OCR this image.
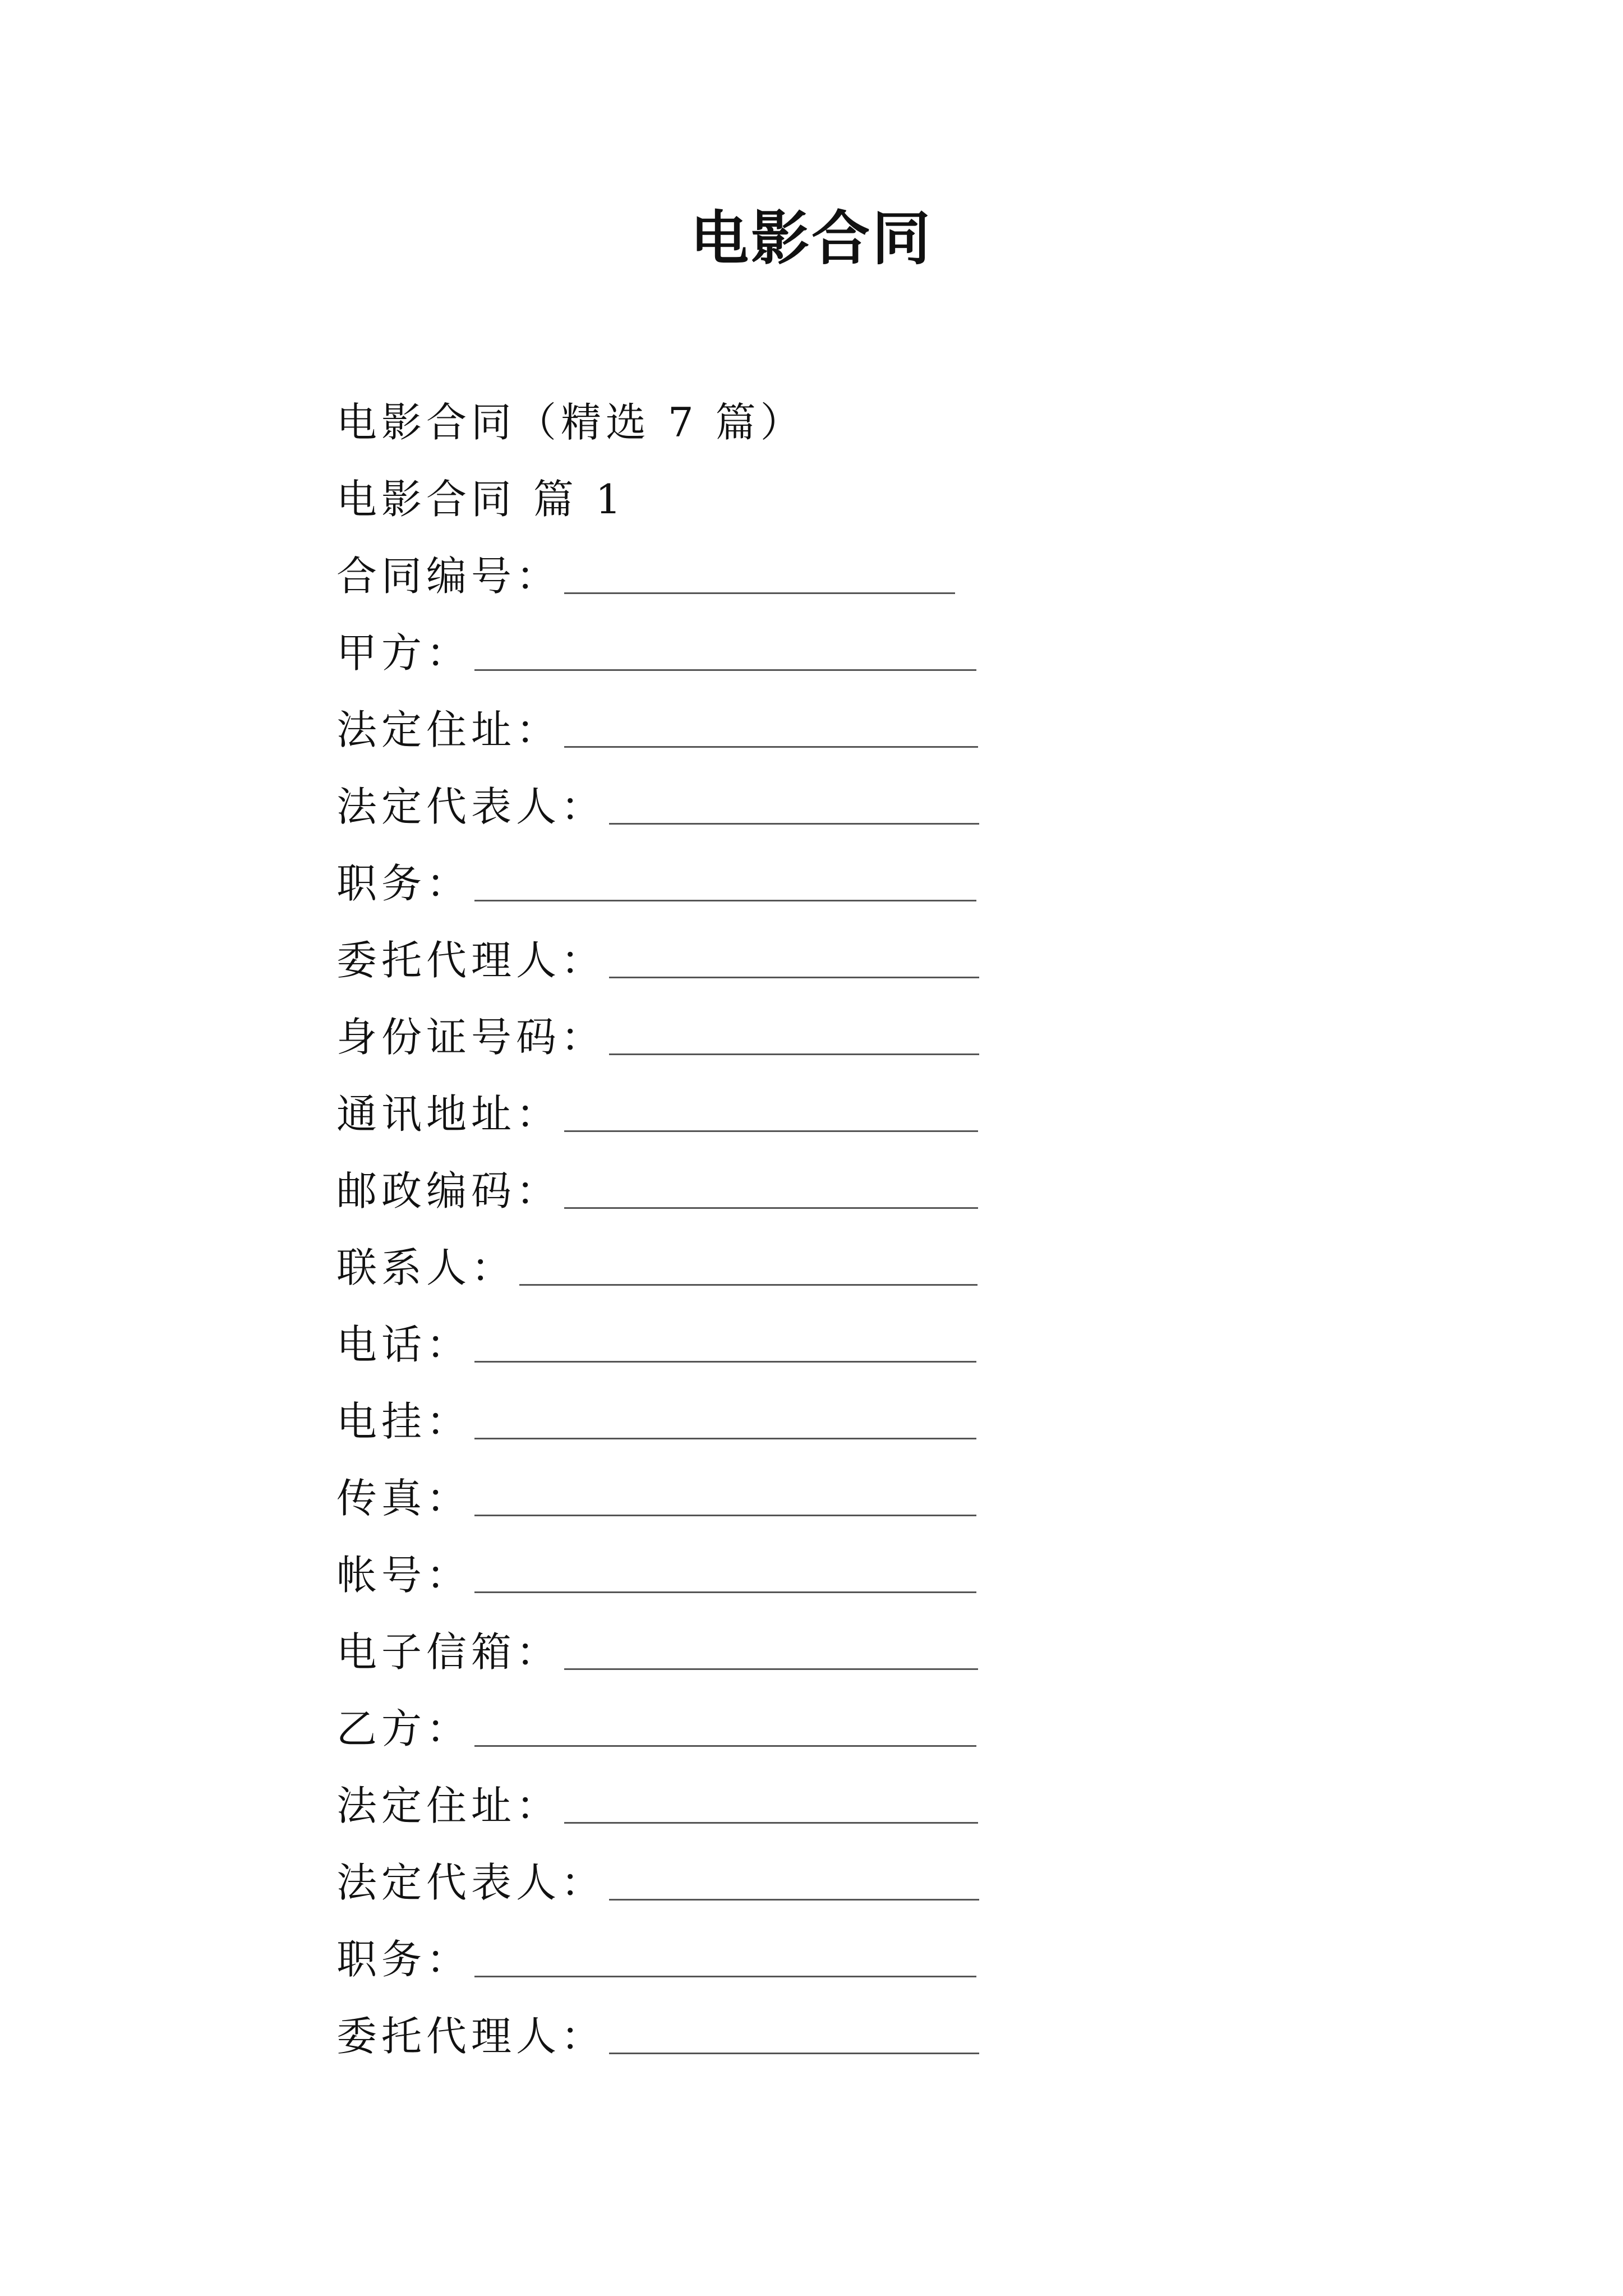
电影合同
电影合同（精选 7 篇）
电影合同 篇 1
合同编号：
甲方：
法定住址：
法定代表人：
职务：
委托代理人：
身份证号码：
通讯地址：
邮政编码：
联系人：
电话：
电挂：
传真：
帐号：
电子信箱：
乙方：
法定住址：
法定代表人：
职务：
委托代理人：
